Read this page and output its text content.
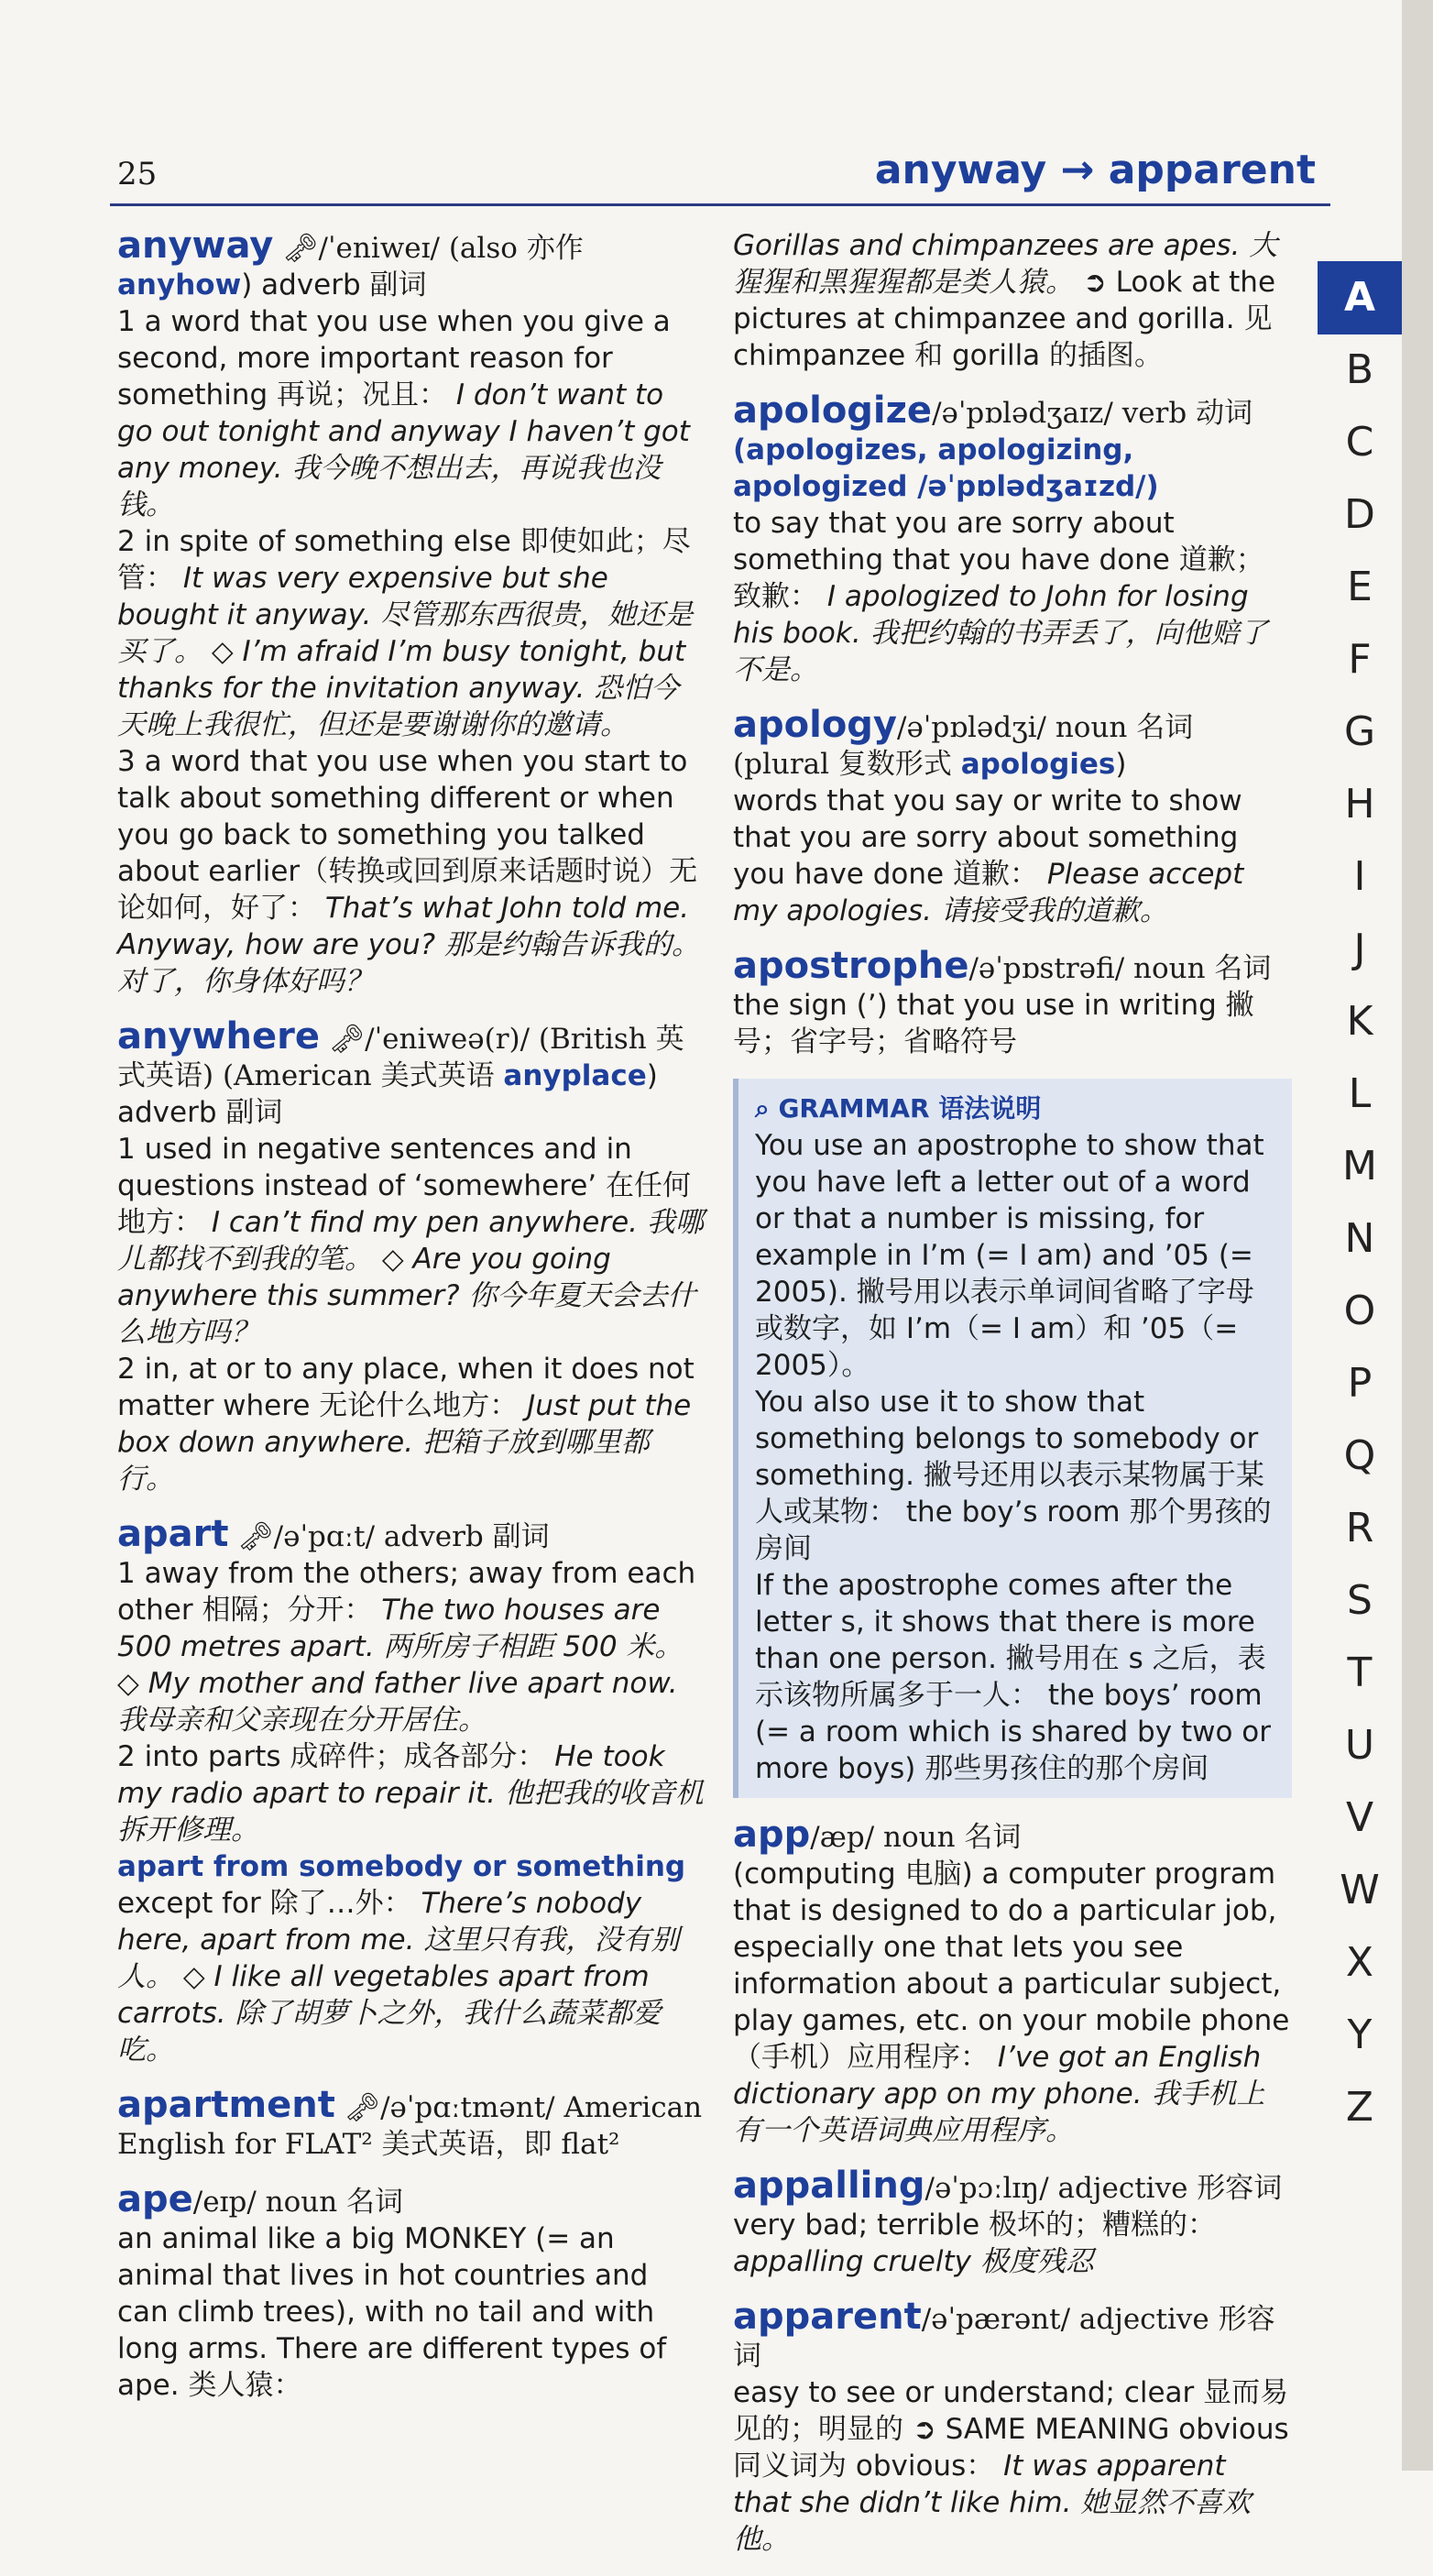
25	anyway → apparent
anyway 🗝/ˈeniweɪ/ (also 亦作 anyhow) adverb 副词
1 a word that you use when you give a second, more important reason for something 再说；况且： I don’t want to go out tonight and anyway I haven’t got any money. 我今晚不想出去，再说我也没钱。
2 in spite of something else 即使如此；尽管： It was very expensive but she bought it anyway. 尽管那东西很贵，她还是买了。 ◇ I’m afraid I’m busy tonight, but thanks for the invitation anyway. 恐怕今天晚上我很忙，但还是要谢谢你的邀请。
3 a word that you use when you start to talk about something different or when you go back to something you talked about earlier（转换或回到原来话题时说）无论如何，好了： That’s what John told me. Anyway, how are you? 那是约翰告诉我的。对了，你身体好吗？
anywhere 🗝/ˈeniweə(r)/ (British 英式英语) (American 美式英语 anyplace) adverb 副词
1 used in negative sentences and in questions instead of ‘somewhere’ 在任何地方： I can’t find my pen anywhere. 我哪儿都找不到我的笔。 ◇ Are you going anywhere this summer? 你今年夏天会去什么地方吗？
2 in, at or to any place, when it does not matter where 无论什么地方： Just put the box down anywhere. 把箱子放到哪里都行。
apart 🗝/əˈpɑːt/ adverb 副词
1 away from the others; away from each other 相隔；分开： The two houses are 500 metres apart. 两所房子相距 500 米。 ◇ My mother and father live apart now. 我母亲和父亲现在分开居住。
2 into parts 成碎件；成各部分： He took my radio apart to repair it. 他把我的收音机拆开修理。
apart from somebody or something
except for 除了…外： There’s nobody here, apart from me. 这里只有我，没有别人。 ◇ I like all vegetables apart from carrots. 除了胡萝卜之外，我什么蔬菜都爱吃。
apartment 🗝/əˈpɑːtmənt/ American English for FLAT² 美式英语，即 flat²
ape/eɪp/ noun 名词
an animal like a big MONKEY (= an animal that lives in hot countries and can climb trees), with no tail and with long arms. There are different types of ape. 类人猿：
Gorillas and chimpanzees are apes. 大猩猩和黑猩猩都是类人猿。 ➲ Look at the pictures at chimpanzee and gorilla. 见 chimpanzee 和 gorilla 的插图。
apologize/əˈpɒlədʒaɪz/ verb 动词
(apologizes, apologizing, apologized /əˈpɒlədʒaɪzd/)
to say that you are sorry about something that you have done 道歉；致歉： I apologized to John for losing his book. 我把约翰的书弄丢了，向他赔了不是。
apology/əˈpɒlədʒi/ noun 名词 (plural 复数形式 apologies)
words that you say or write to show that you are sorry about something you have done 道歉： Please accept my apologies. 请接受我的道歉。
apostrophe/əˈpɒstrəfi/ noun 名词
the sign (’) that you use in writing 撇号；省字号；省略符号
⌕ GRAMMAR 语法说明
You use an apostrophe to show that you have left a letter out of a word or that a number is missing, for example in I’m (= I am) and ’05 (= 2005). 撇号用以表示单词间省略了字母或数字，如 I’m（= I am）和 ’05（= 2005）。
You also use it to show that something belongs to somebody or something. 撇号还用以表示某物属于某人或某物： the boy’s room 那个男孩的房间
If the apostrophe comes after the letter s, it shows that there is more than one person. 撇号用在 s 之后，表示该物所属多于一人： the boys’ room (= a room which is shared by two or more boys) 那些男孩住的那个房间
app/æp/ noun 名词
(computing 电脑) a computer program that is designed to do a particular job, especially one that lets you see information about a particular subject, play games, etc. on your mobile phone（手机）应用程序： I’ve got an English dictionary app on my phone. 我手机上有一个英语词典应用程序。
appalling/əˈpɔːlɪŋ/ adjective 形容词
very bad; terrible 极坏的；糟糕的： appalling cruelty 极度残忍
apparent/əˈpærənt/ adjective 形容词
easy to see or understand; clear 显而易见的；明显的 ➲ SAME MEANING obvious 同义词为 obvious： It was apparent that she didn’t like him. 她显然不喜欢他。
A
B
C
D
E
F
G
H
I
J
K
L
M
N
O
P
Q
R
S
T
U
V
W
X
Y
Z
